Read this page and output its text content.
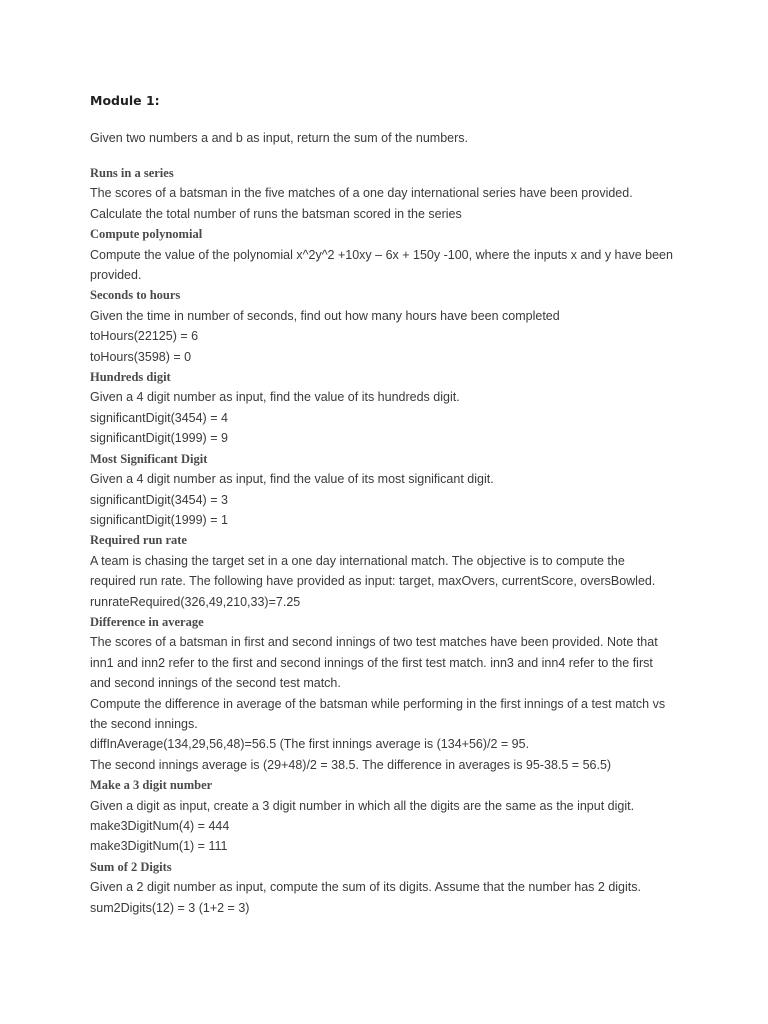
Module 1:

Given two numbers a and b as input, return the sum of the numbers.

Runs in a series

The scores of a batsman in the five matches of a one day international series have been provided.

Calculate the total number of runs the batsman scored in the series

Compute polynomial

Compute the value of the polynomial x^2y^2 +10xy – 6x + 150y -100, where the inputs x and y have been

provided.

Seconds to hours

Given the time in number of seconds, find out how many hours have been completed

toHours(22125) = 6

toHours(3598) = 0

Hundreds digit

Given a 4 digit number as input, find the value of its hundreds digit.

significantDigit(3454) = 4

significantDigit(1999) = 9

Most Significant Digit

Given a 4 digit number as input, find the value of its most significant digit.

significantDigit(3454) = 3

significantDigit(1999) = 1

Required run rate

A team is chasing the target set in a one day international match. The objective is to compute the

required run rate. The following have provided as input: target, maxOvers, currentScore, oversBowled.

runrateRequired(326,49,210,33)=7.25

Difference in average

The scores of a batsman in first and second innings of two test matches have been provided. Note that

inn1 and inn2 refer to the first and second innings of the first test match. inn3 and inn4 refer to the first

and second innings of the second test match.

Compute the difference in average of the batsman while performing in the first innings of a test match vs

the second innings.

diffInAverage(134,29,56,48)=56.5 (The first innings average is (134+56)/2 = 95.

The second innings average is (29+48)/2 = 38.5. The difference in averages is 95-38.5 = 56.5)

Make a 3 digit number

Given a digit as input, create a 3 digit number in which all the digits are the same as the input digit.

make3DigitNum(4) = 444

make3DigitNum(1) = 111

Sum of 2 Digits

Given a 2 digit number as input, compute the sum of its digits. Assume that the number has 2 digits.

sum2Digits(12) = 3 (1+2 = 3)
